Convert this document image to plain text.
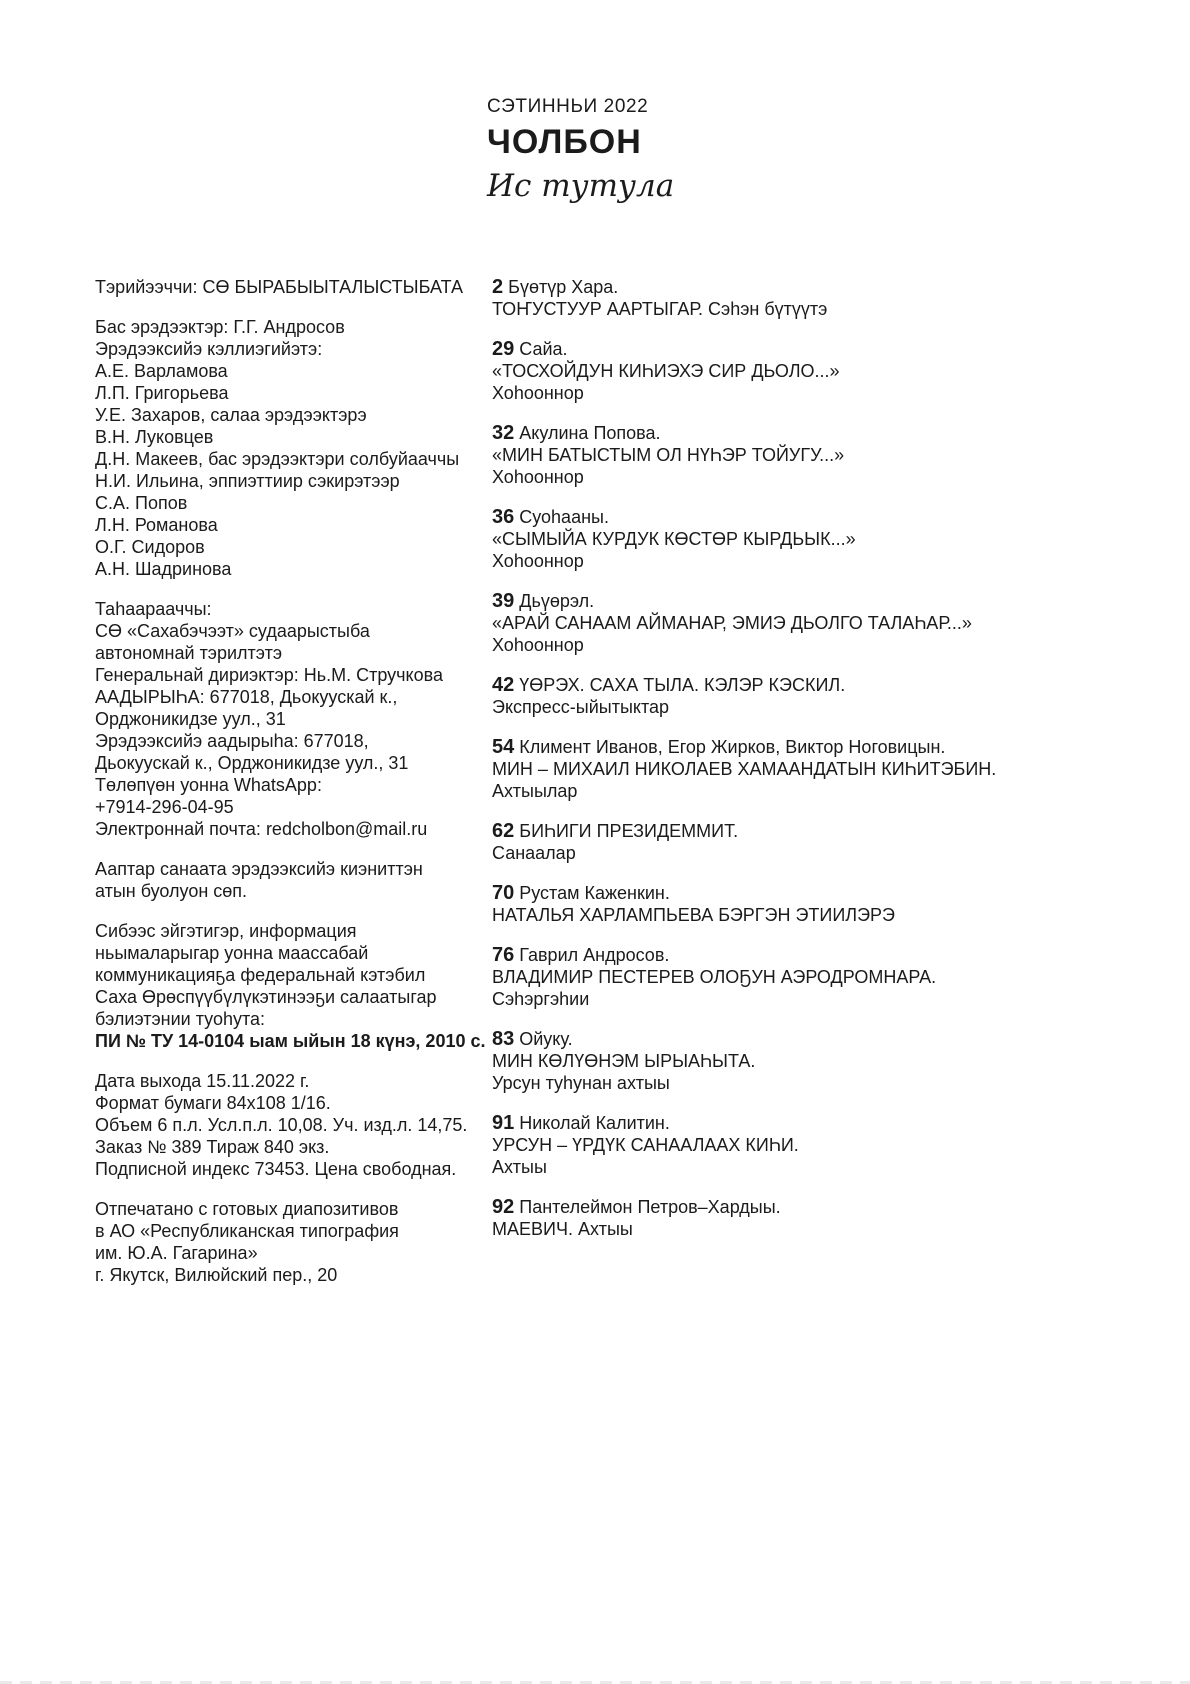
СЭТИННЬИ 2022
ЧОЛБОН
Ис тутула
Тэрийээччи: СӨ БЫРАБЫЫТАЛЫСТЫБАТА
Бас эрэдээктэр: Г.Г. Андросов
Эрэдээксийэ кэллиэгийэтэ:
А.Е. Варламова
Л.П. Григорьева
У.Е. Захаров, салаа эрэдээктэрэ
В.Н. Луковцев
Д.Н. Макеев, бас эрэдээктэри солбуйааччы
Н.И. Ильина, эппиэттиир сэкирэтээр
С.А. Попов
Л.Н. Романова
О.Г. Сидоров
А.Н. Шадринова
Таһаарааччы:
СӨ «Сахабэчээт» судаарыстыба
автономнай тэрилтэтэ
Генеральнай дириэктэр: Нь.М. Стручкова
ААДЫРЫҺА: 677018, Дьокуускай к.,
Орджоникидзе уул., 31
Эрэдээксийэ аадырыһа: 677018,
Дьокуускай к., Орджоникидзе уул., 31
Төлөпүөн уонна WhatsApp:
+7914-296-04-95
Электроннай почта: redcholbon@mail.ru
Ааптар санаата эрэдээксийэ киэниттэн
атын буолуон сөп.
Сибээс эйгэтигэр, информация
ньымаларыгар уонна маассабай
коммуникацияҕа федеральнай кэтэбил
Саха Өрөспүүбүлүкэтинээҕи салаатыгар
бэлиэтэнии туоһута:
ПИ № ТУ 14-0104 ыам ыйын 18 күнэ, 2010 с.
Дата выхода 15.11.2022 г.
Формат бумаги 84х108 1/16.
Объем 6 п.л. Усл.п.л. 10,08. Уч. изд.л. 14,75.
Заказ № 389 Тираж 840 экз.
Подписной индекс 73453. Цена свободная.
Отпечатано с готовых диапозитивов
в АО «Республиканская типография
им. Ю.А. Гагарина»
г. Якутск, Вилюйский пер., 20
2 Бүөтүр Хара.
ТОҤУСТУУР ААРТЫГАР. Сэһэн бүтүүтэ
29 Сайа.
«ТОСХОЙДУН КИҺИЭХЭ СИР ДЬОЛО...»
Хоһооннор
32 Акулина Попова.
«МИН БАТЫСТЫМ ОЛ НҮҺЭР ТОЙУГУ...»
Хоһооннор
36 Суоһааны.
«СЫМЫЙА КУРДУК КӨСТӨР КЫРДЬЫК...»
Хоһооннор
39 Дьүөрэл.
«АРАЙ САНААМ АЙМАНАР, ЭМИЭ ДЬОЛГО ТАЛАҺАР...»
Хоһооннор
42 ҮӨРЭХ. САХА ТЫЛА. КЭЛЭР КЭСКИЛ.
Экспресс-ыйытыктар
54 Климент Иванов, Егор Жирков, Виктор Ноговицын.
МИН – МИХАИЛ НИКОЛАЕВ ХАМААНДАТЫН КИҺИТЭБИН.
Ахтыылар
62 БИҺИГИ ПРЕЗИДЕММИТ.
Санаалар
70 Рустам Каженкин.
НАТАЛЬЯ ХАРЛАМПЬЕВА БЭРГЭН ЭТИИЛЭРЭ
76 Гаврил Андросов.
ВЛАДИМИР ПЕСТЕРЕВ ОЛОҔУН АЭРОДРОМНАРА.
Сэһэргэһии
83 Ойуку.
МИН КӨЛҮӨНЭМ ЫРЫАҺЫТА.
Урсун туһунан ахтыы
91 Николай Калитин.
УРСУН – ҮРДҮК САНААЛААХ КИҺИ.
Ахтыы
92 Пантелеймон Петров–Хардыы.
МАЕВИЧ. Ахтыы
